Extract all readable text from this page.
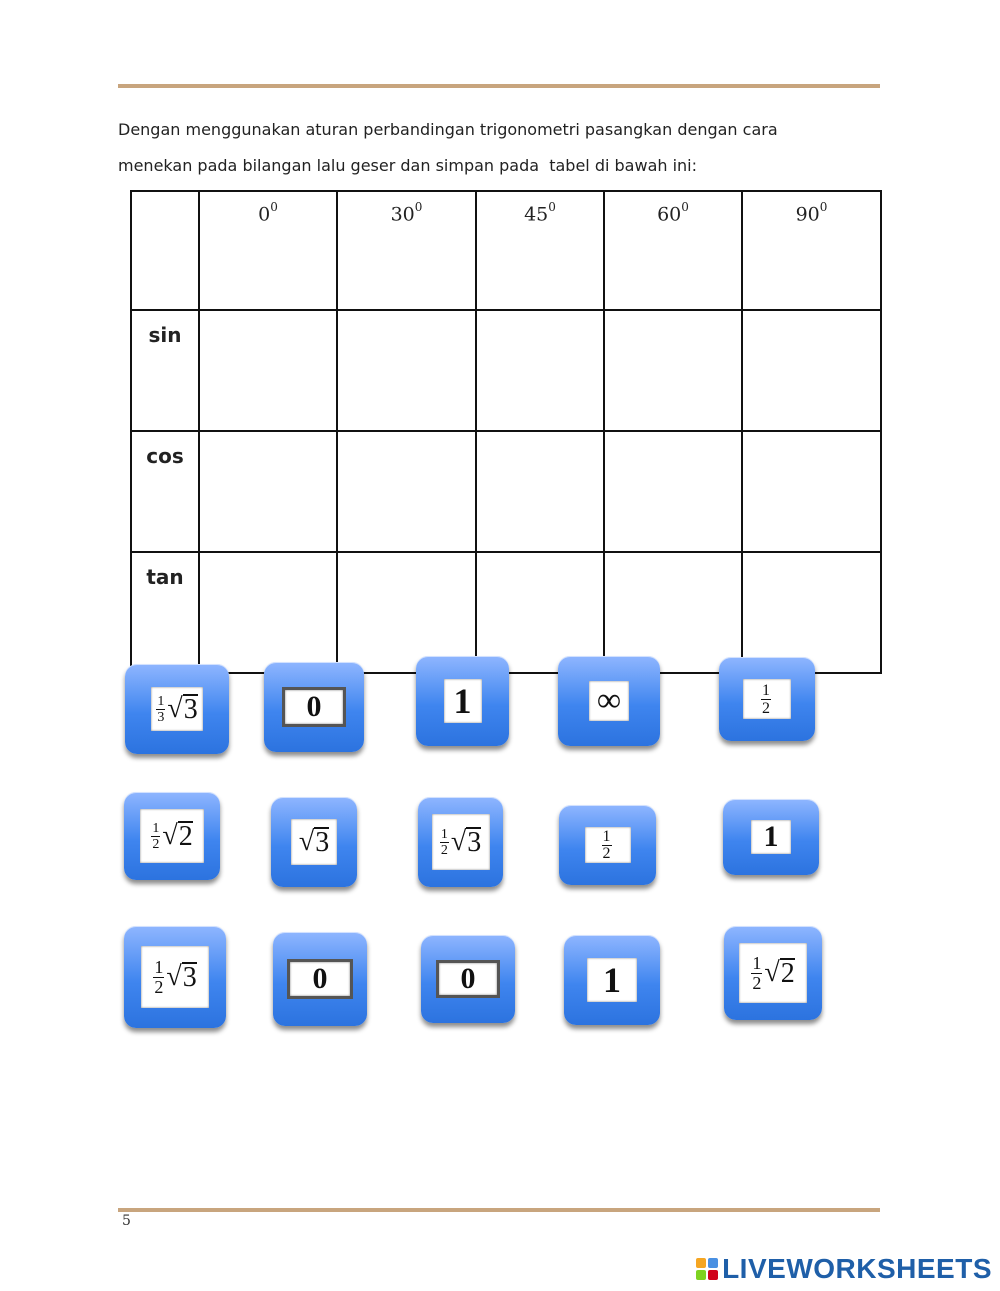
Dengan menggunakan aturan perbandingan trigonometri pasangkan dengan cara

menekan pada bilangan lalu geser dan simpan pada  tabel di bawah ini:

	$0^0$	$30^0$	$45^0$	$60^0$	$90^0$
sin					
cos					
tan					
$\frac{1}{3}$ √ 3	0	1	∞	$\frac{1}{2}$
$\frac{1}{2}$ √ 2	√ 3	$\frac{1}{2}$ √ 3	$\frac{1}{2}$	1
$\frac{1}{2}$ √ 3	0	0	1	$\frac{1}{2}$ √ 2
5
LIVEWORKSHEETS
